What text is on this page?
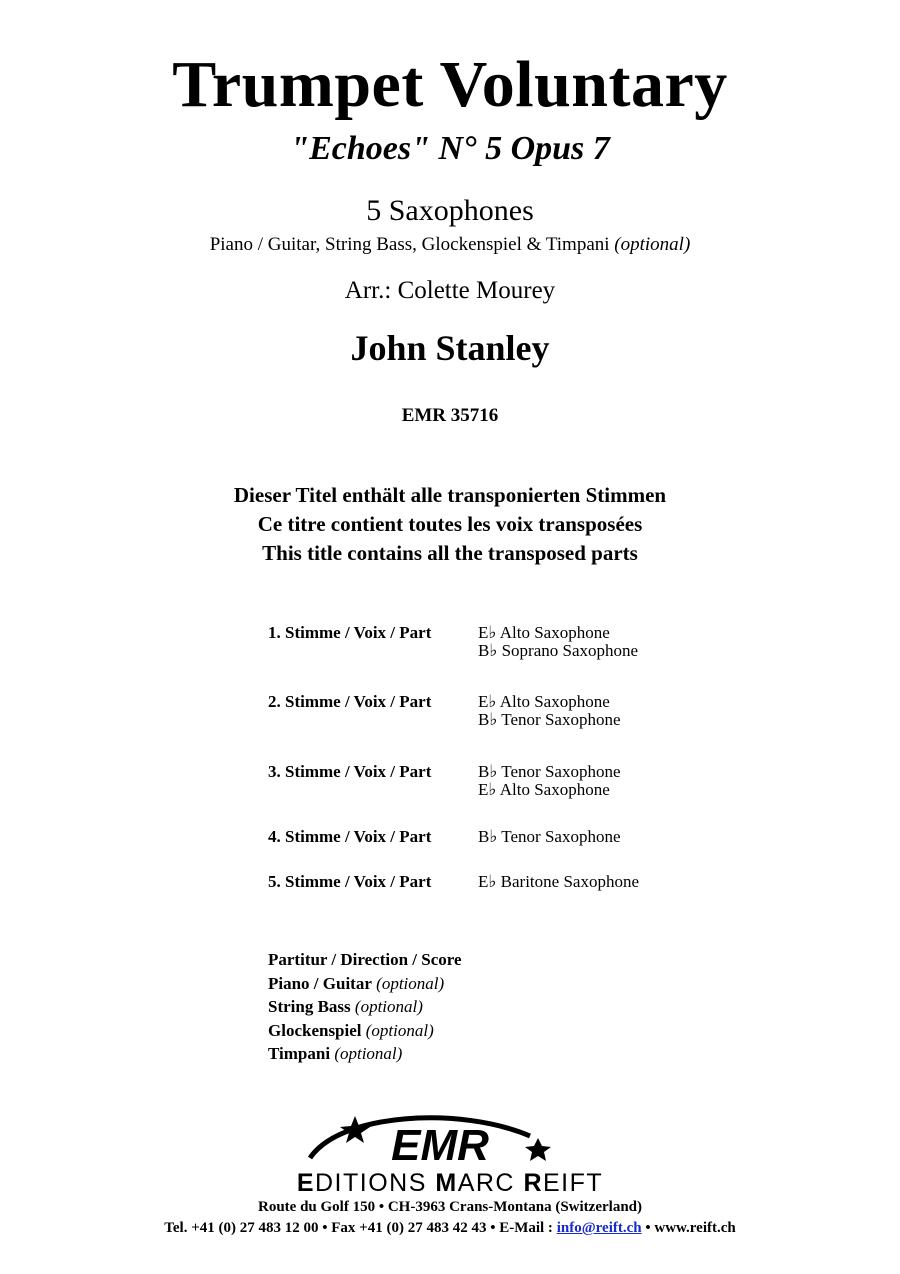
Trumpet Voluntary
"Echoes" N° 5 Opus 7
5 Saxophones
Piano / Guitar, String Bass, Glockenspiel & Timpani (optional)
Arr.: Colette Mourey
John Stanley
EMR 35716
Dieser Titel enthält alle transponierten Stimmen
Ce titre contient toutes les voix transposées
This title contains all the transposed parts
1. Stimme / Voix / Part	E♭ Alto Saxophone
B♭ Soprano Saxophone
2. Stimme / Voix / Part	E♭ Alto Saxophone
B♭ Tenor Saxophone
3. Stimme / Voix / Part	B♭ Tenor Saxophone
E♭ Alto Saxophone
4. Stimme / Voix / Part	B♭ Tenor Saxophone
5. Stimme / Voix / Part	E♭ Baritone Saxophone
Partitur / Direction / Score
Piano / Guitar (optional)
String Bass (optional)
Glockenspiel (optional)
Timpani (optional)
EMR
EDITIONS MARC REIFT
Route du Golf 150 • CH-3963 Crans-Montana (Switzerland)
Tel. +41 (0) 27 483 12 00 • Fax +41 (0) 27 483 42 43 • E-Mail : info@reift.ch • www.reift.ch
